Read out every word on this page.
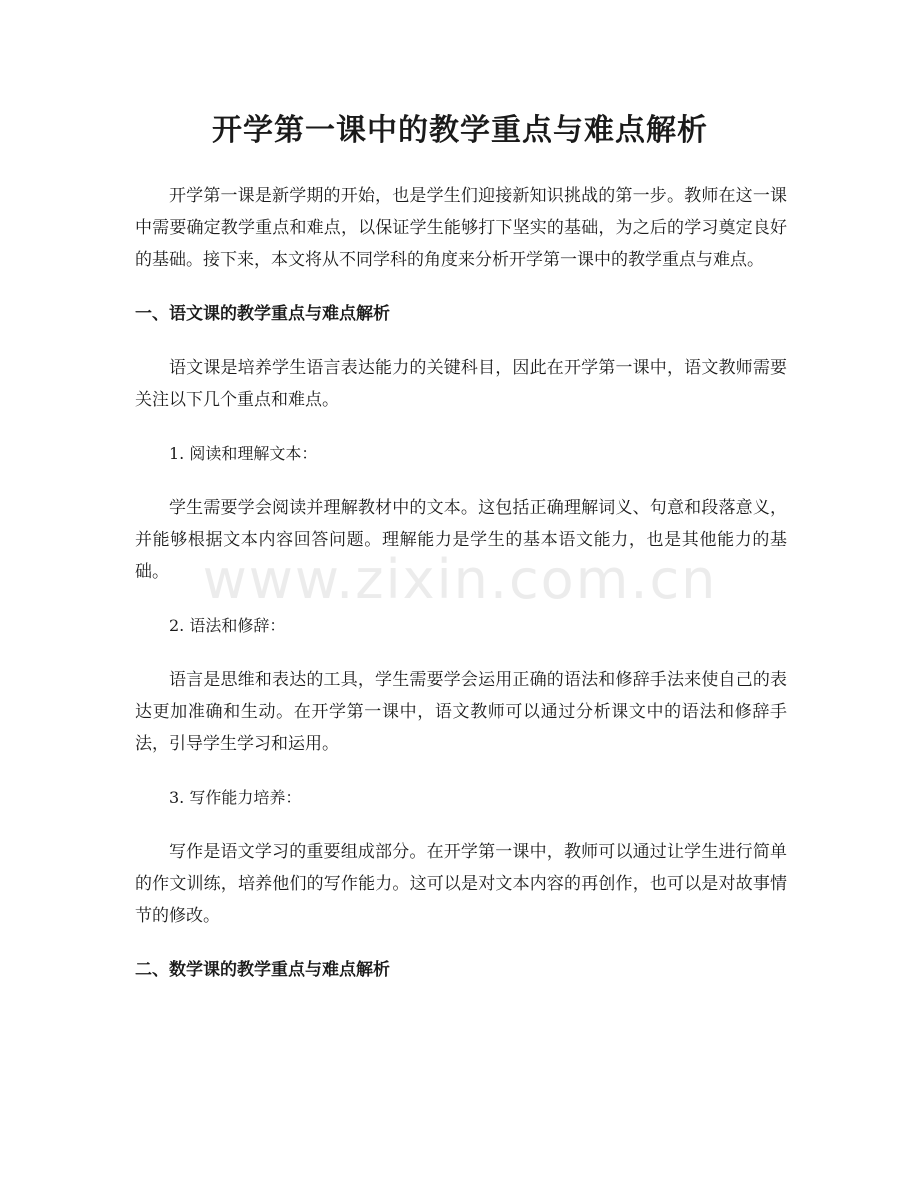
开学第一课中的教学重点与难点解析

开学第一课是新学期的开始，也是学生们迎接新知识挑战的第一步。教师在这一课中需要确定教学重点和难点，以保证学生能够打下坚实的基础，为之后的学习奠定良好的基础。接下来，本文将从不同学科的角度来分析开学第一课中的教学重点与难点。

一、语文课的教学重点与难点解析

语文课是培养学生语言表达能力的关键科目，因此在开学第一课中，语文教师需要关注以下几个重点和难点。

1. 阅读和理解文本：

学生需要学会阅读并理解教材中的文本。这包括正确理解词义、句意和段落意义，并能够根据文本内容回答问题。理解能力是学生的基本语文能力，也是其他能力的基础。

2. 语法和修辞：

语言是思维和表达的工具，学生需要学会运用正确的语法和修辞手法来使自己的表达更加准确和生动。在开学第一课中，语文教师可以通过分析课文中的语法和修辞手法，引导学生学习和运用。

3. 写作能力培养：

写作是语文学习的重要组成部分。在开学第一课中，教师可以通过让学生进行简单的作文训练，培养他们的写作能力。这可以是对文本内容的再创作，也可以是对故事情节的修改。

二、数学课的教学重点与难点解析
www.zixin.com.cn
